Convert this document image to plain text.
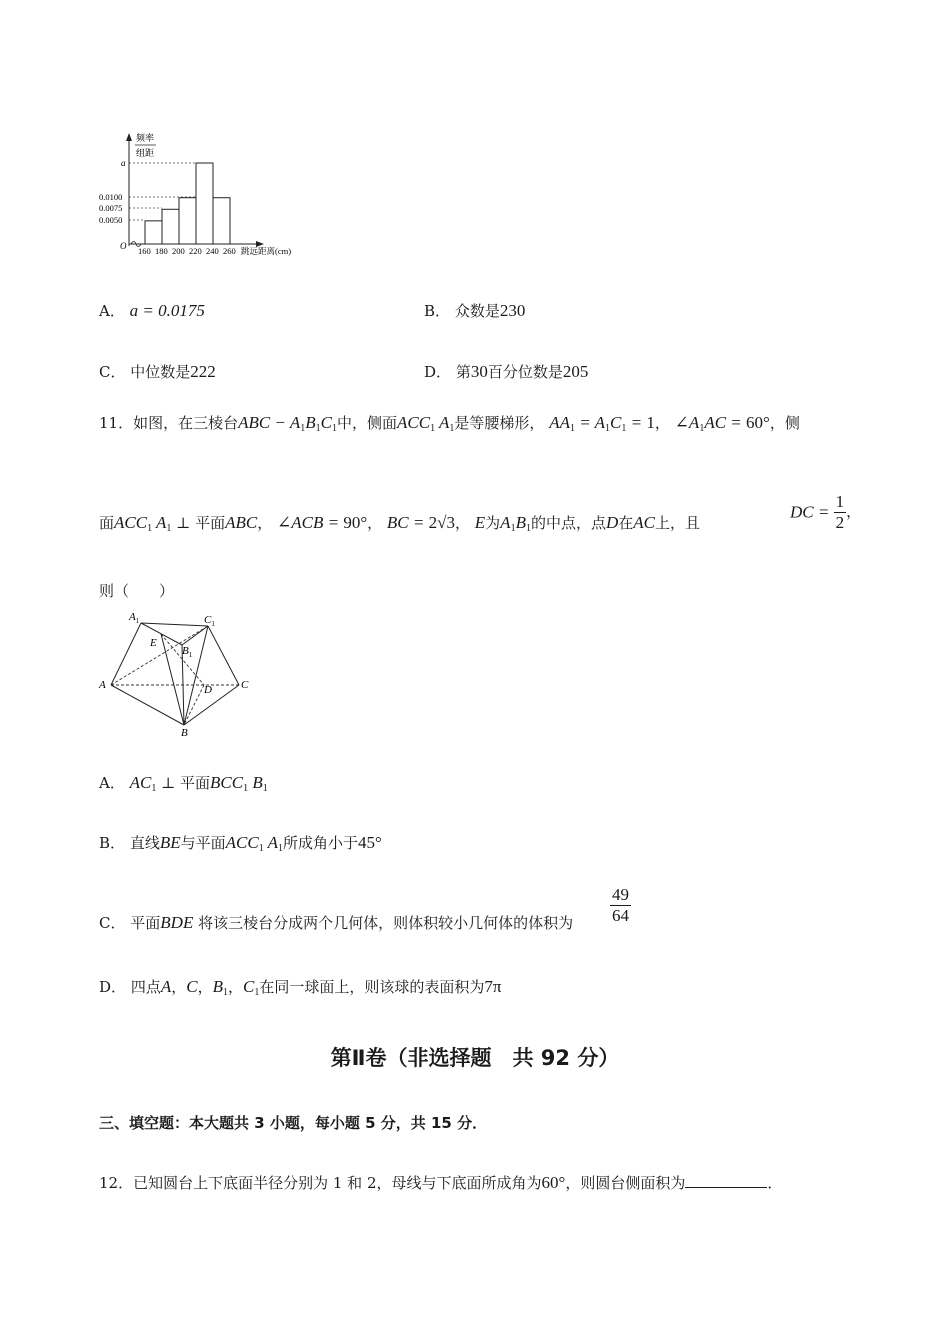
频率
组距
a
0.0100
0.0075
0.0050
O 160 180 200 220 240 260 跳远距离(cm)
A． a = 0.0175	B． 众数是230
C． 中位数是222	D． 第30百分位数是205
11．如图，在三棱台ABC − $A_1B_1C_1$中，侧面$ACC_1$ $A_1$是等腰梯形， $AA_1 = A_1C_1 = 1$， $\angle A_1AC = 60^\circ$，侧
面$ACC_1$ $A_1$ ⊥ 平面ABC， ∠ACB = 90°， BC = 2√3， E为$A_1B_1$的中点，点D在AC上，且
DC = $\frac{1}{2}$ ，
则（　　）
$A_1$	$C_1$
E
$B_1$
A	D	C
B
A． $AC_1$ ⊥ 平面$BCC_1$ $B_1$
B． 直线BE与平面$ACC_1$ $A_1$所成角小于45°
C． 平面BDE 将该三棱台分成两个几何体，则体积较小几何体的体积为 $\frac{49}{64}$
D． 四点A，C，$B_1$，$C_1$在同一球面上，则该球的表面积为7π
第Ⅱ卷（非选择题　共 92 分）
三、填空题：本大题共 3 小题，每小题 5 分，共 15 分．
12．已知圆台上下底面半径分别为 1 和 2，母线与下底面所成角为60°，则圆台侧面积为	．
